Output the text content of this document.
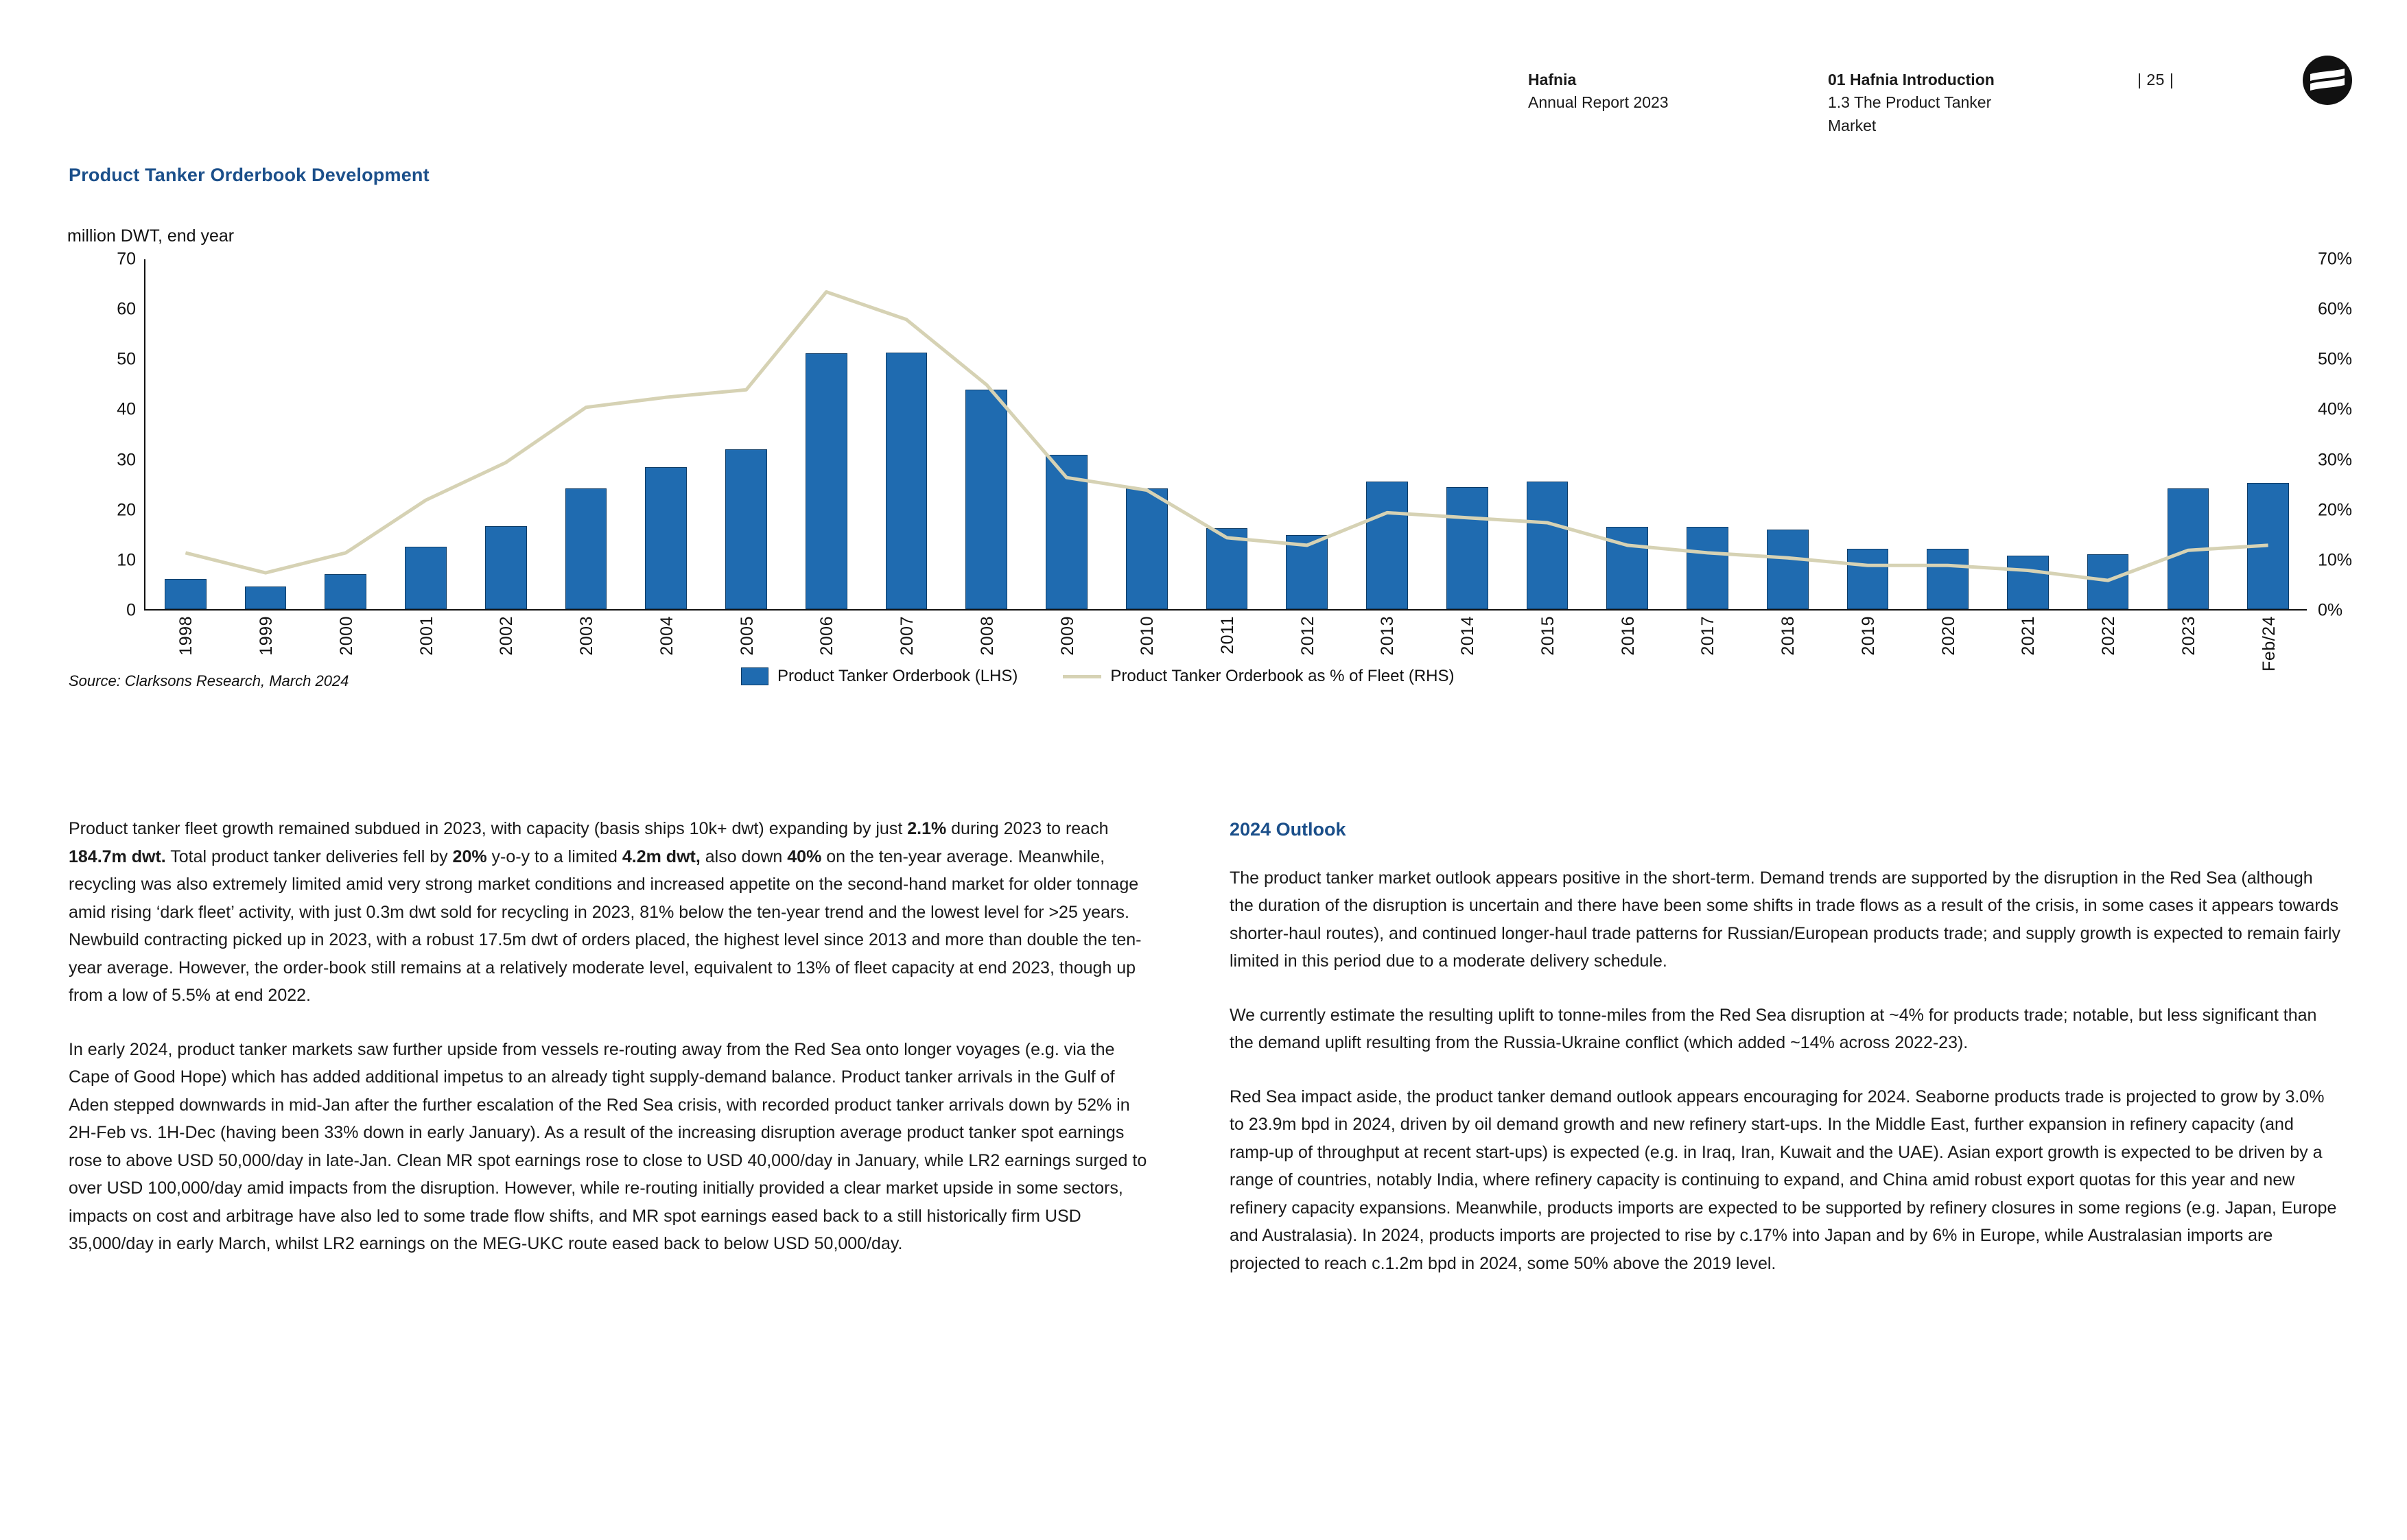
Hafnia
Annual Report 2023
01 Hafnia Introduction
1.3 The Product Tanker
Market
| 25 |
Product Tanker Orderbook Development
million DWT, end year
0
10
20
30
40
50
60
70
0%
10%
20%
30%
40%
50%
60%
70%
1998	1999	2000	2001	2002	2003	2004	2005	2006	2007	2008	2009	2010	2011	2012	2013	2014	2015	2016	2017	2018	2019	2020	2021	2022	2023	Feb/24
Source: Clarksons Research, March 2024	Product Tanker Orderbook (LHS)	Product Tanker Orderbook as % of Fleet (RHS)

Product tanker fleet growth remained subdued in 2023, with capacity (basis ships 10k+ dwt) expanding by just 2.1% during 2023 to reach 184.7m dwt. Total product tanker deliveries fell by 20% y-o-y to a limited 4.2m dwt, also down 40% on the ten-year average. Meanwhile, recycling was also extremely limited amid very strong market conditions and increased appetite on the second-hand market for older tonnage amid rising ‘dark fleet’ activity, with just 0.3m dwt sold for recycling in 2023, 81% below the ten-year trend and the lowest level for >25 years. Newbuild contracting picked up in 2023, with a robust 17.5m dwt of orders placed, the highest level since 2013 and more than double the ten-year average. However, the order-book still remains at a relatively moderate level, equivalent to 13% of fleet capacity at end 2023, though up from a low of 5.5% at end 2022.

In early 2024, product tanker markets saw further upside from vessels re-routing away from the Red Sea onto longer voyages (e.g. via the Cape of Good Hope) which has added additional impetus to an already tight supply-demand balance. Product tanker arrivals in the Gulf of Aden stepped downwards in mid-Jan after the further escalation of the Red Sea crisis, with recorded product tanker arrivals down by 52% in 2H-Feb vs. 1H-Dec (having been 33% down in early January). As a result of the increasing disruption average product tanker spot earnings rose to above USD 50,000/day in late-Jan. Clean MR spot earnings rose to close to USD 40,000/day in January, while LR2 earnings surged to over USD 100,000/day amid impacts from the disruption. However, while re-routing initially provided a clear market upside in some sectors, impacts on cost and arbitrage have also led to some trade flow shifts, and MR spot earnings eased back to a still historically firm USD 35,000/day in early March, whilst LR2 earnings on the MEG-UKC route eased back to below USD 50,000/day.

2024 Outlook

The product tanker market outlook appears positive in the short-term. Demand trends are supported by the disruption in the Red Sea (although the duration of the disruption is uncertain and there have been some shifts in trade flows as a result of the crisis, in some cases it appears towards shorter-haul routes), and continued longer-haul trade patterns for Russian/European products trade; and supply growth is expected to remain fairly limited in this period due to a moderate delivery schedule.

We currently estimate the resulting uplift to tonne-miles from the Red Sea disruption at ~4% for products trade; notable, but less significant than the demand uplift resulting from the Russia-Ukraine conflict (which added ~14% across 2022-23).

Red Sea impact aside, the product tanker demand outlook appears encouraging for 2024. Seaborne products trade is projected to grow by 3.0% to 23.9m bpd in 2024, driven by oil demand growth and new refinery start-ups. In the Middle East, further expansion in refinery capacity (and ramp-up of throughput at recent start-ups) is expected (e.g. in Iraq, Iran, Kuwait and the UAE). Asian export growth is expected to be driven by a range of countries, notably India, where refinery capacity is continuing to expand, and China amid robust export quotas for this year and new refinery capacity expansions. Meanwhile, products imports are expected to be supported by refinery closures in some regions (e.g. Japan, Europe and Australasia). In 2024, products imports are projected to rise by c.17% into Japan and by 6% in Europe, while Australasian imports are projected to reach c.1.2m bpd in 2024, some 50% above the 2019 level.
